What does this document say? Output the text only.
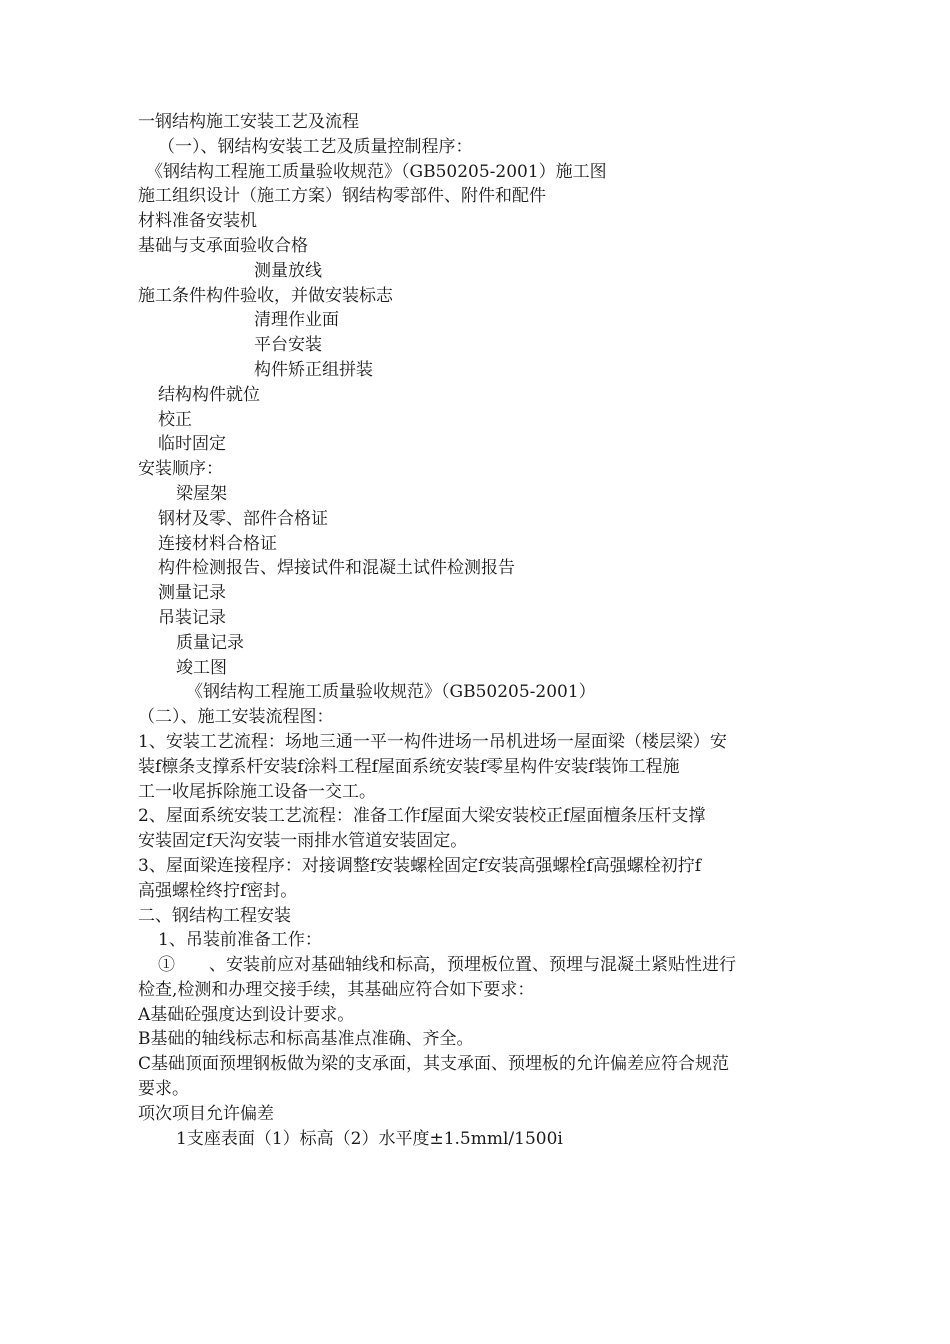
一钢结构施工安装工艺及流程
（一）、钢结构安装工艺及质量控制程序：
《钢结构工程施工质量验收规范》（GB50205-2001）施工图
施工组织设计（施工方案）钢结构零部件、附件和配件
材料准备安装机
基础与支承面验收合格
测量放线
施工条件构件验收，并做安装标志
清理作业面
平台安装
构件矫正组拼装
结构构件就位
校正
临时固定
安装顺序：
梁屋架
钢材及零、部件合格证
连接材料合格证
构件检测报告、焊接试件和混凝土试件检测报告
测量记录
吊装记录
质量记录
竣工图
《钢结构工程施工质量验收规范》（GB50205-2001）
（二）、施工安装流程图：
1、安装工艺流程：场地三通一平一构件进场一吊机进场一屋面梁（楼层梁）安
装f檩条支撑系杆安装f涂料工程f屋面系统安装f零星构件安装f装饰工程施
工一收尾拆除施工设备一交工。
2、屋面系统安装工艺流程：准备工作f屋面大梁安装校正f屋面檀条压杆支撑
安装固定f天沟安装一雨排水管道安装固定。
3、屋面梁连接程序：对接调整f安装螺栓固定f安装高强螺栓f高强螺栓初拧f
高强螺栓终拧f密封。
二、钢结构工程安装
1、吊装前准备工作：
①　　、安装前应对基础轴线和标高，预埋板位置、预埋与混凝土紧贴性进行
检查,检测和办理交接手续，其基础应符合如下要求：
A基础砼强度达到设计要求。
B基础的轴线标志和标高基准点准确、齐全。
C基础顶面预埋钢板做为梁的支承面，其支承面、预埋板的允许偏差应符合规范
要求。
项次项目允许偏差
1支座表面（1）标高（2）水平度±1.5mml/1500i
